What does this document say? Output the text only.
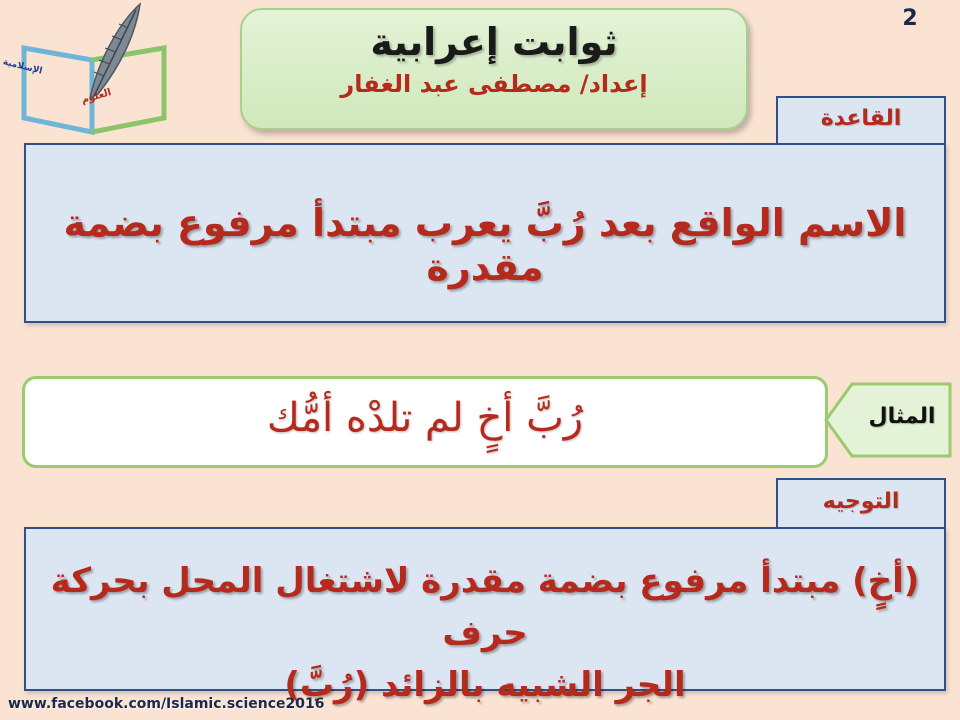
2
العلوم
الإسلامية
ثوابت إعرابية
إعداد/ مصطفى عبد الغفار
القاعدة
الاسم الواقع بعد رُبَّ يعرب مبتدأ مرفوع بضمة مقدرة
رُبَّ أخٍ لم تلدْه أمُّك	المثال
التوجيه
(أخٍ) مبتدأ مرفوع بضمة مقدرة لاشتغال المحل بحركة حرف
الجر الشبيه بالزائد (رُبَّ)
www.facebook.com/Islamic.science2016
